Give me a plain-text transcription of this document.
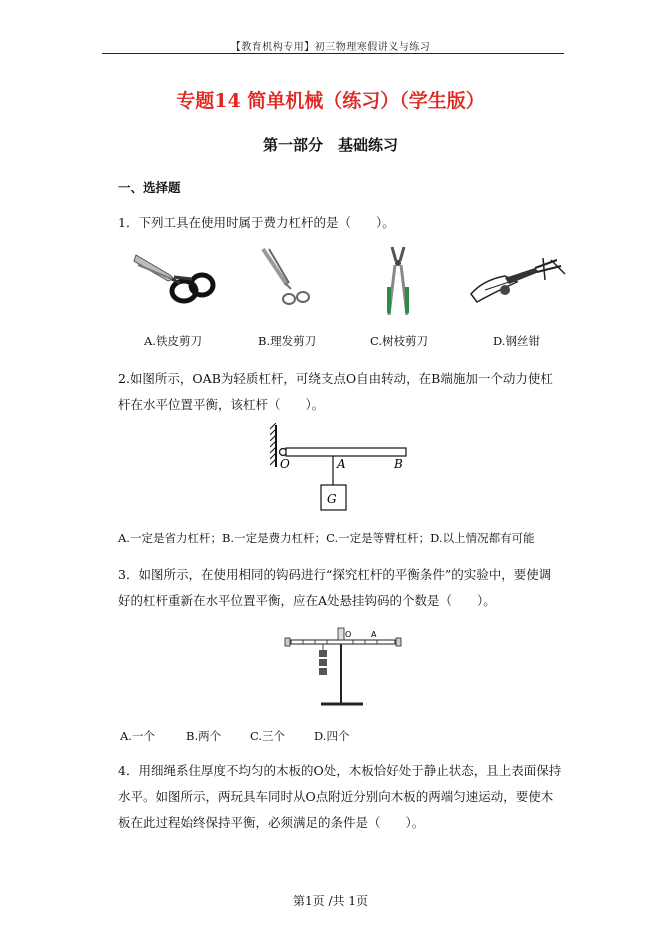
【教育机构专用】初三物理寒假讲义与练习
专题14 简单机械（练习）（学生版）
第一部分　基础练习
一、选择题
1．下列工具在使用时属于费力杠杆的是（　　）。
A.铁皮剪刀	B.理发剪刀	C.树枝剪刀	D.钢丝钳
2.如图所示，OAB为轻质杠杆，可绕支点O自由转动，在B端施加一个动力使杠杆在水平位置平衡，该杠杆（　　）。
O	A	B
G
A.一定是省力杠杆；B.一定是费力杠杆；C.一定是等臂杠杆；D.以上情况都有可能
3．如图所示，在使用相同的钩码进行“探究杠杆的平衡条件”的实验中，要使调好的杠杆重新在水平位置平衡，应在A处悬挂钩码的个数是（　　）。
O A
A.一个	B.两个	C.三个	D.四个
4．用细绳系住厚度不均匀的木板的O处，木板恰好处于静止状态，且上表面保持水平。如图所示，两玩具车同时从O点附近分别向木板的两端匀速运动，要使木板在此过程始终保持平衡，必须满足的条件是（　　）。
第1页 /共 1页
